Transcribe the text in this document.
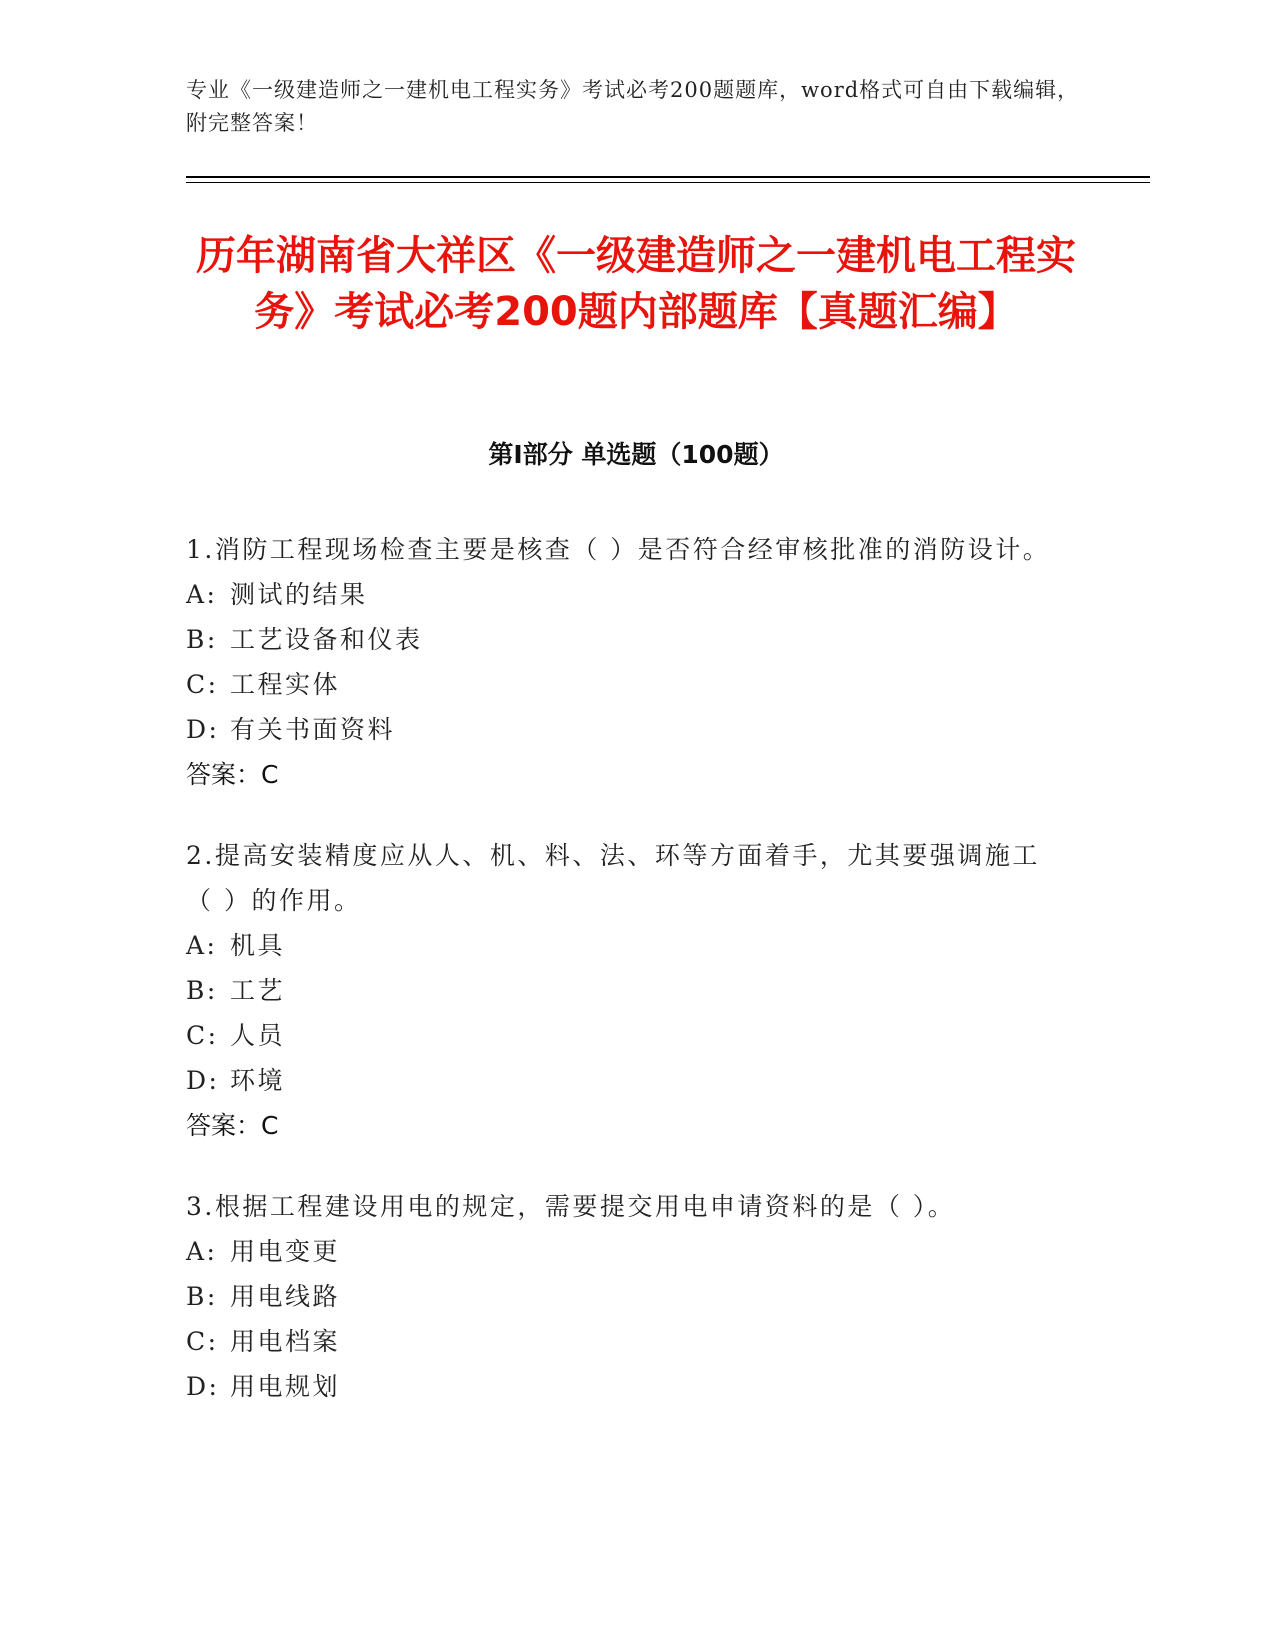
专业《一级建造师之一建机电工程实务》考试必考200题题库，word格式可自由下载编辑，附完整答案！
历年湖南省大祥区《一级建造师之一建机电工程实务》考试必考200题内部题库【真题汇编】
第I部分 单选题（100题）

1.消防工程现场检查主要是核查（ ）是否符合经审核批准的消防设计。

A: 测试的结果
B: 工艺设备和仪表
C: 工程实体
D: 有关书面资料
答案：C

2.提高安装精度应从人、机、料、法、环等方面着手，尤其要强调施工（ ）的作用。

A: 机具
B: 工艺
C: 人员
D: 环境
答案：C

3.根据工程建设用电的规定，需要提交用电申请资料的是（ ）。

A: 用电变更
B: 用电线路
C: 用电档案
D: 用电规划
